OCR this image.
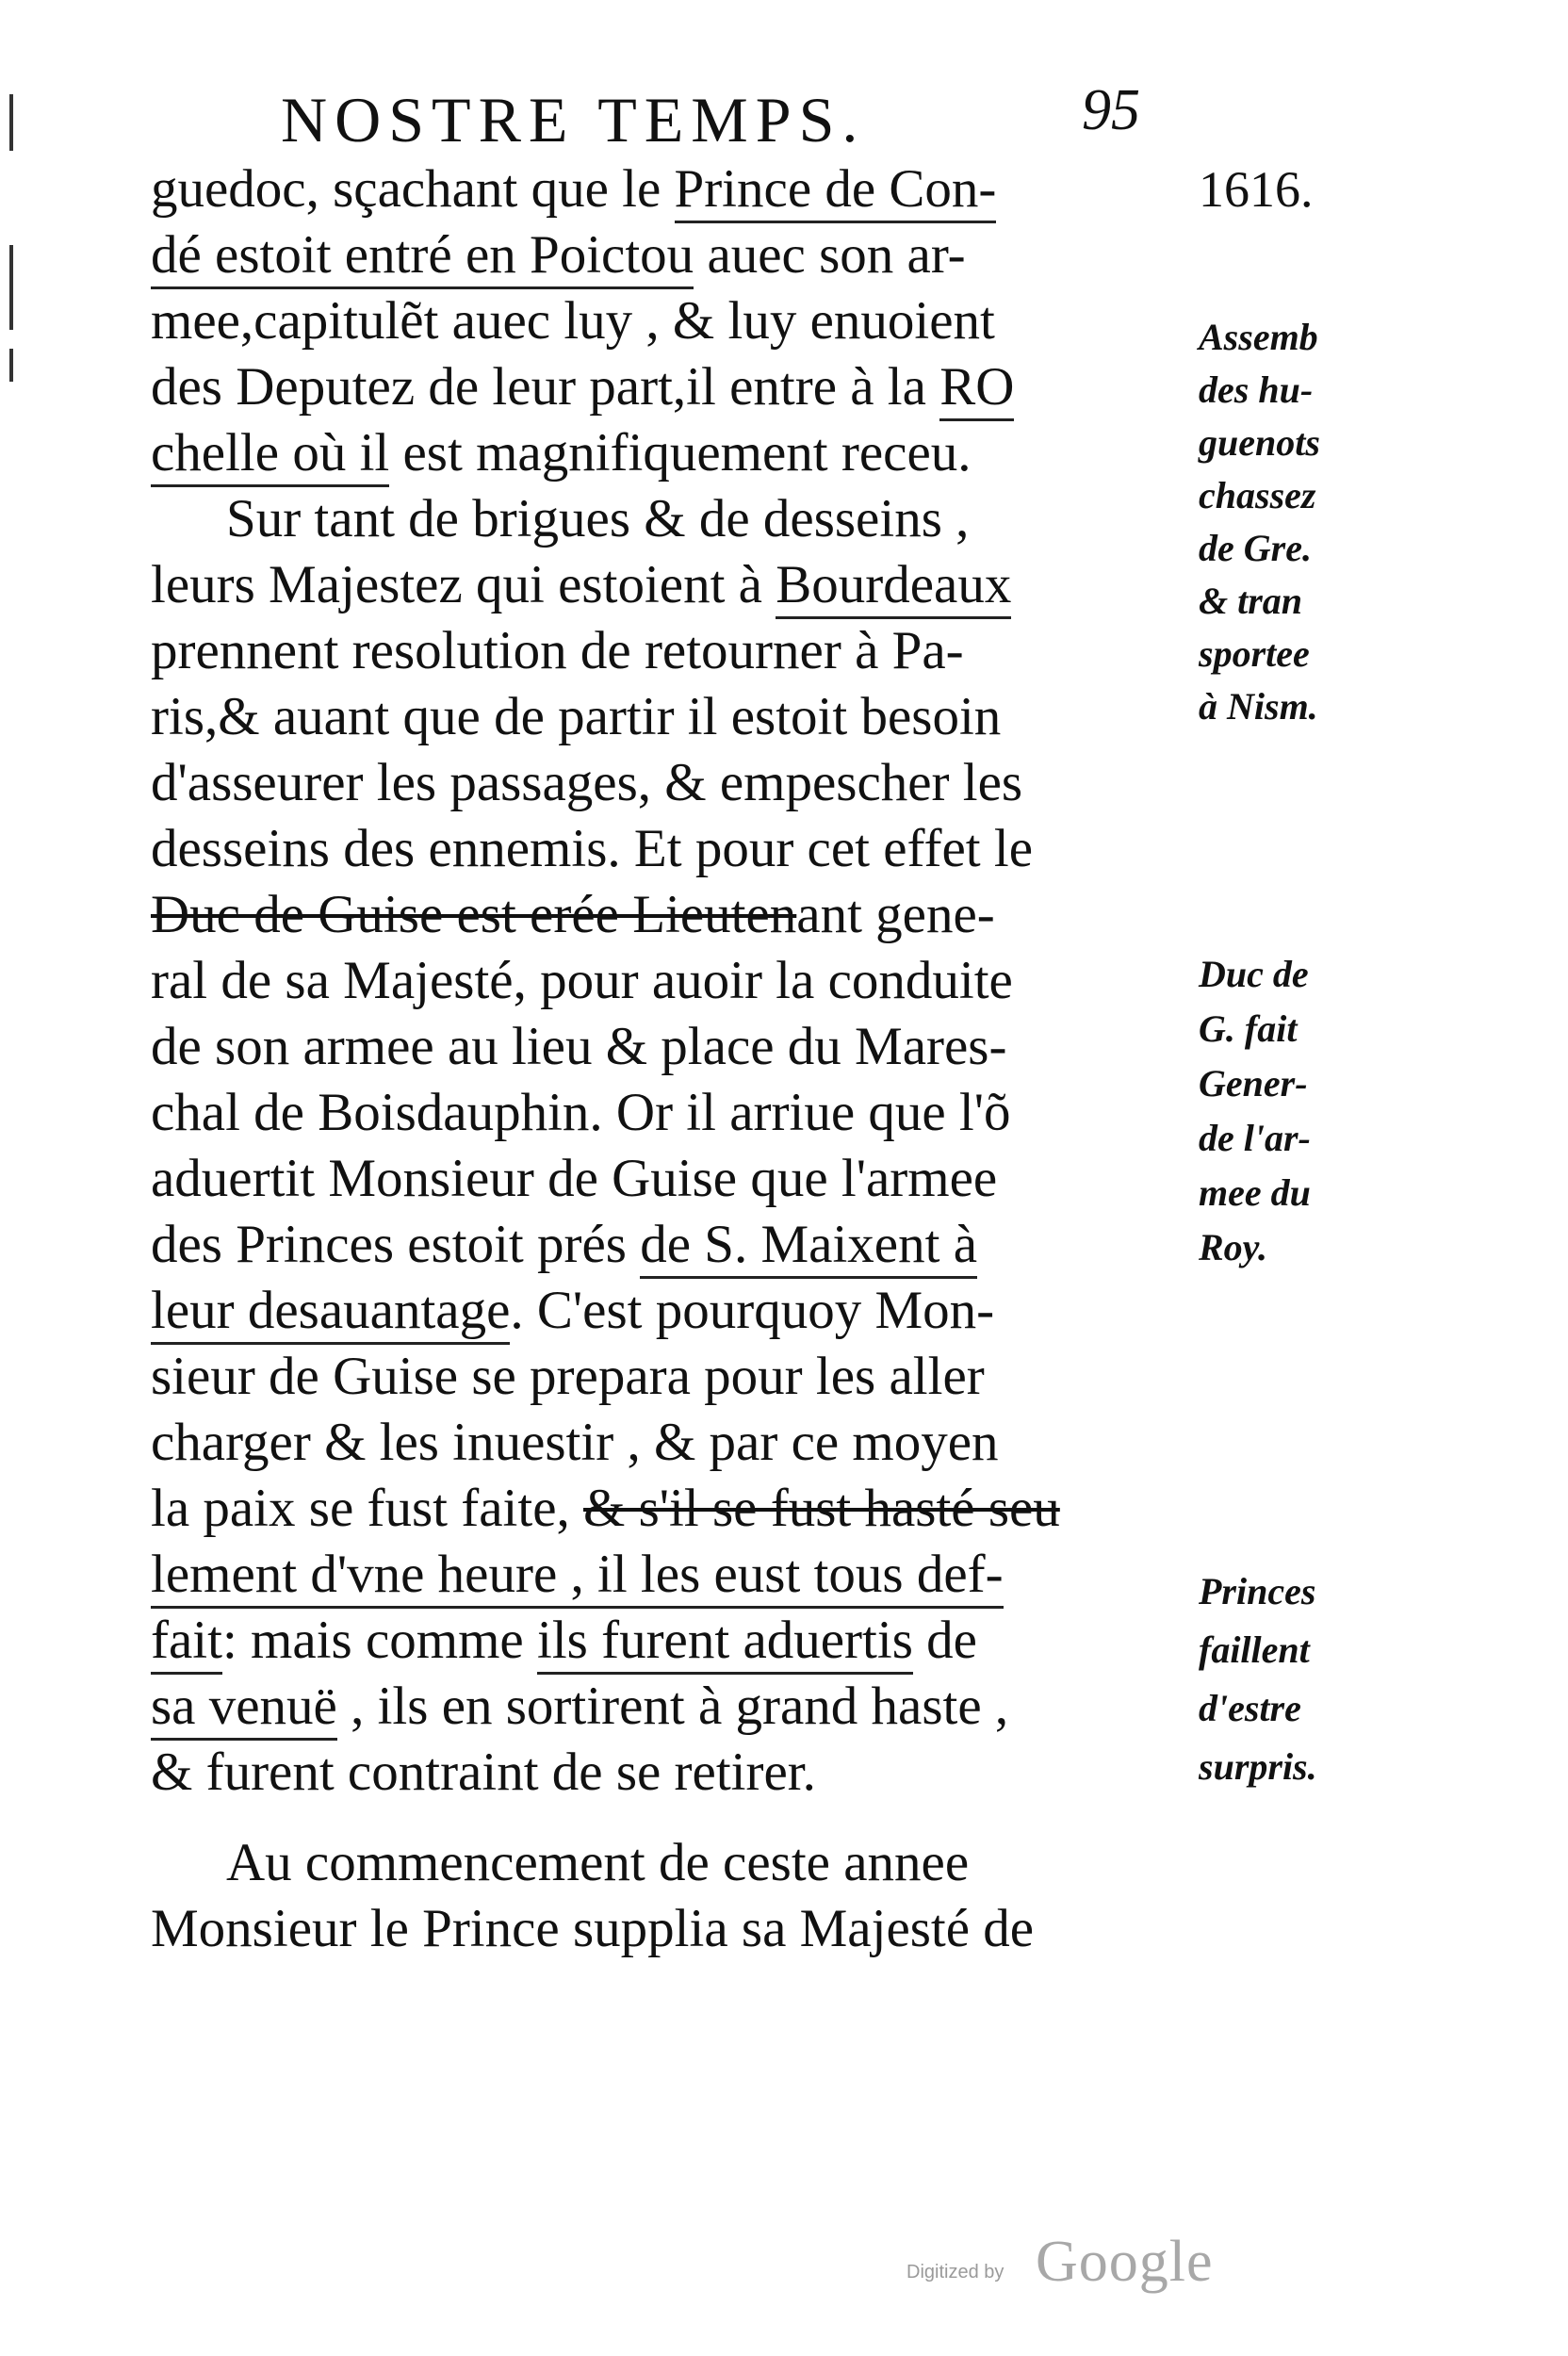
NOSTRE TEMPS.	95
guedoc, sçachant que le Prince de Con-
dé estoit entré en Poictou auec son ar-
mee,capitulẽt auec luy , & luy enuoient
des Deputez de leur part,il entre à la RO
chelle où il est magnifiquement receu.
Sur tant de brigues & de desseins ,
leurs Majestez qui estoient à Bourdeaux
prennent resolution de retourner à Pa-
ris,& auant que de partir il estoit besoin
d'asseurer les passages, & empescher les
desseins des ennemis. Et pour cet effet le
Duc de Guise est erée Lieutenant gene-
ral de sa Majesté, pour auoir la conduite
de son armee au lieu & place du Mares-
chal de Boisdauphin. Or il arriue que l'õ
aduertit Monsieur de Guise que l'armee
des Princes estoit prés de S. Maixent à
leur desauantage. C'est pourquoy Mon-
sieur de Guise se prepara pour les aller
charger & les inuestir , & par ce moyen
la paix se fust faite, & s'il se fust hasté seu
lement d'vne heure , il les eust tous def-
fait: mais comme ils furent aduertis de
sa venuë , ils en sortirent à grand haste ,
& furent contraint de se retirer.
Au commencement de ceste annee
Monsieur le Prince supplia sa Majesté de
1616.
Assemb
des hu-
guenots
chassez
de Gre.
& tran
sportee
à Nism.
Duc de
G. fait
Gener-
de l'ar-
mee du
Roy.
Princes
faillent
d'estre
surpris.
Digitized by Google
